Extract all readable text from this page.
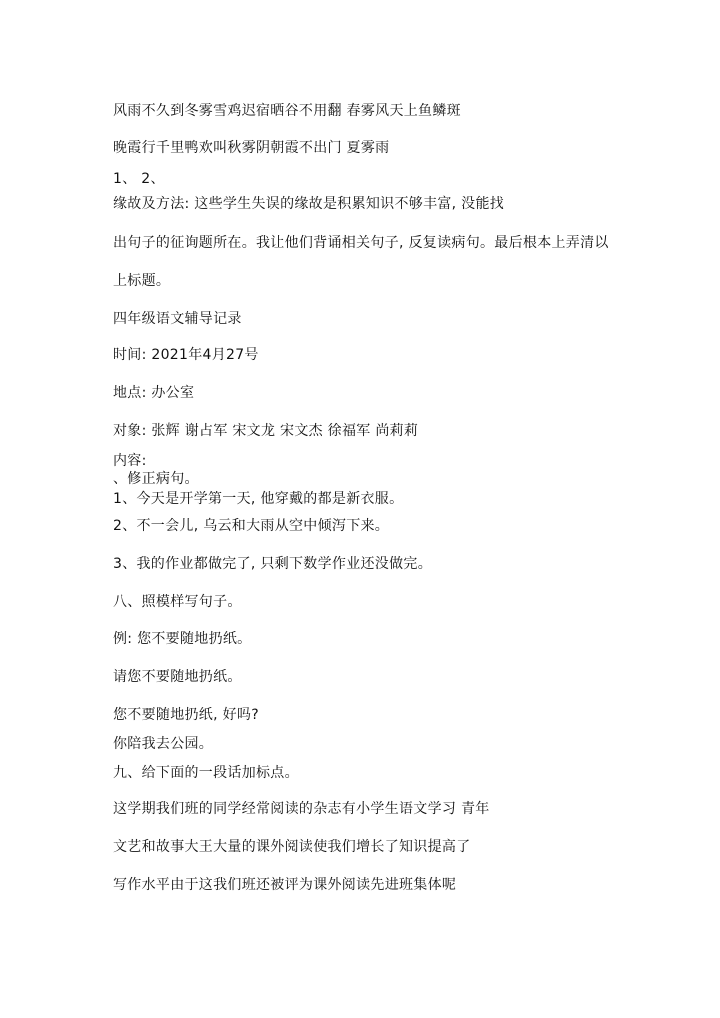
风雨不久到冬雾雪鸡迟宿晒谷不用翻 春雾风天上鱼鳞斑
晚霞行千里鸭欢叫秋雾阴朝霞不出门 夏雾雨
1、 2、
缘故及方法: 这些学生失误的缘故是积累知识不够丰富, 没能找
出句子的征询题所在。我让他们背诵相关句子, 反复读病句。最后根本上弄清以
上标题。
四年级语文辅导记录
时间: 2021年4月27号
地点: 办公室
对象: 张辉 谢占军 宋文龙 宋文杰 徐福军 尚莉莉
内容:
、修正病句。
1、今天是开学第一天, 他穿戴的都是新衣服。
2、不一会儿, 乌云和大雨从空中倾泻下来。
3、我的作业都做完了, 只剩下数学作业还没做完。
八、照模样写句子。
例: 您不要随地扔纸。
请您不要随地扔纸。
您不要随地扔纸, 好吗?
你陪我去公园。
九、给下面的一段话加标点。
这学期我们班的同学经常阅读的杂志有小学生语文学习 青年
文艺和故事大王大量的课外阅读使我们增长了知识提高了
写作水平由于这我们班还被评为课外阅读先进班集体呢
